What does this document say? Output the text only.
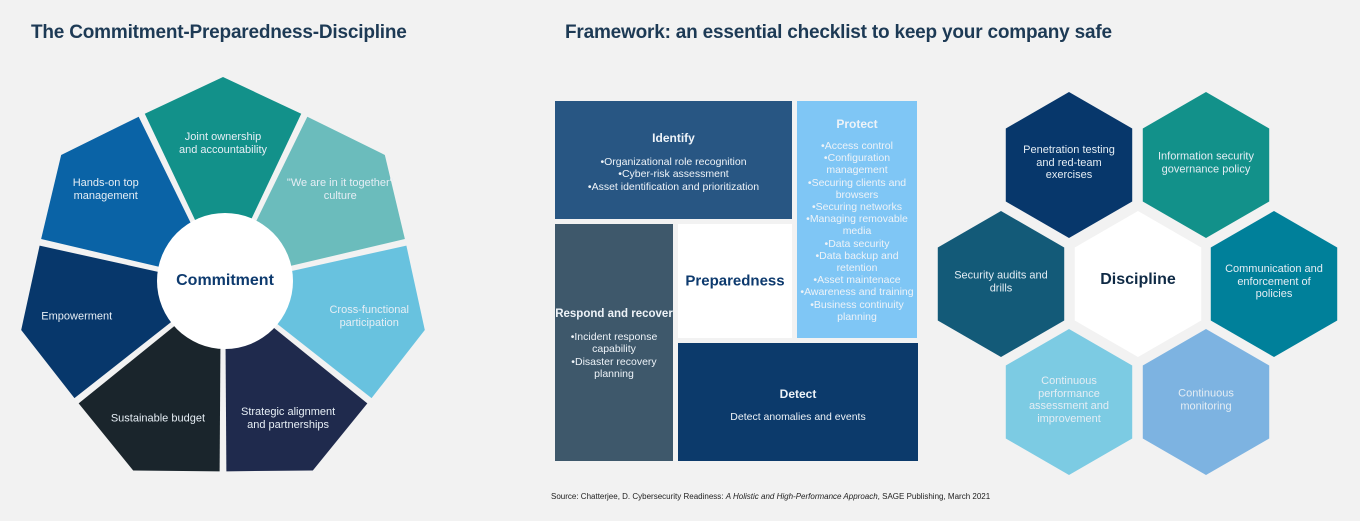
The Commitment-Preparedness-Discipline	Framework: an essential checklist to keep your company safe
Joint ownership and accountability
"We are in it together" culture
Cross-functional participation
Strategic alignment and partnerships
Sustainable budget
Empowerment
Hands-on top management
Commitment
Identify
• Organizational role recognition
• Cyber-risk assessment
• Asset identification and prioritization
Protect
• Access control
• Configuration management
• Securing clients and browsers
• Securing networks
• Managing removable media
• Data security
• Data backup and retention
• Asset maintenace
• Awareness and training
• Business continuity planning
Respond and recover
• Incident response capability
• Disaster recovery planning
Preparedness
Detect

Detect anomalies and events

Penetration testing and red-team exercises
Information security governance policy
Communication and enforcement of policies
Continuous monitoring
Continuous performance assessment and improvement
Security audits and drills	Discipline
Source: Chatterjee, D. Cybersecurity Readiness: A Holistic and High-Performance Approach, SAGE Publishing, March 2021
